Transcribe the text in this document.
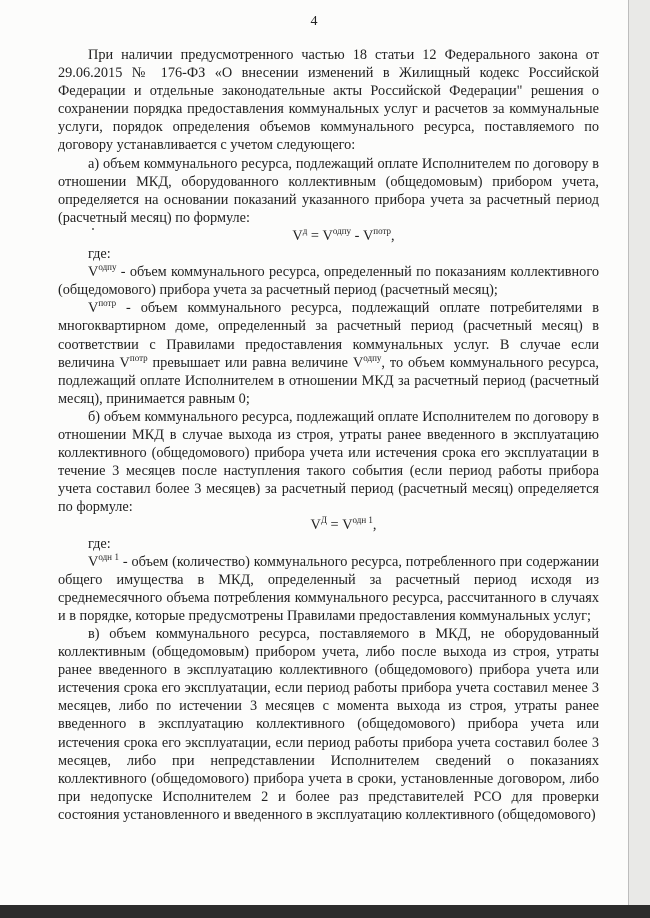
4

При наличии предусмотренного частью 18 статьи 12 Федерального закона от 29.06.2015 № 176-ФЗ «О внесении изменений в Жилищный кодекс Российской Федерации и отдельные законодательные акты Российской Федерации" решения о сохранении порядка предоставления коммунальных услуг и расчетов за коммунальные услуги, порядок определения объемов коммунального ресурса, поставляемого по договору устанавливается с учетом следующего:

а) объем коммунального ресурса, подлежащий оплате Исполнителем по договору в отношении МКД, оборудованного коллективным (общедомовым) прибором учета, определяется на основании показаний указанного прибора учета за расчетный период (расчетный месяц) по формуле:

$V^д = V^{одпу} - V^{потр}$,

где:

$V^{одпу}$ - объем коммунального ресурса, определенный по показаниям коллективного (общедомового) прибора учета за расчетный период (расчетный месяц);

$V^{потр}$ - объем коммунального ресурса, подлежащий оплате потребителями в многоквартирном доме, определенный за расчетный период (расчетный месяц) в соответствии с Правилами предоставления коммунальных услуг. В случае если величина $V^{потр}$ превышает или равна величине $V^{одпу}$, то объем коммунального ресурса, подлежащий оплате Исполнителем в отношении МКД за расчетный период (расчетный месяц), принимается равным 0;

б) объем коммунального ресурса, подлежащий оплате Исполнителем по договору в отношении МКД в случае выхода из строя, утраты ранее введенного в эксплуатацию коллективного (общедомового) прибора учета или истечения срока его эксплуатации в течение 3 месяцев после наступления такого события (если период работы прибора учета составил более 3 месяцев) за расчетный период (расчетный месяц) определяется по формуле:

$V^Д = V^{одн 1}$,

где:

$V^{одн 1}$ - объем (количество) коммунального ресурса, потребленного при содержании общего имущества в МКД, определенный за расчетный период исходя из среднемесячного объема потребления коммунального ресурса, рассчитанного в случаях и в порядке, которые предусмотрены Правилами предоставления коммунальных услуг;

в) объем коммунального ресурса, поставляемого в МКД, не оборудованный коллективным (общедомовым) прибором учета, либо после выхода из строя, утраты ранее введенного в эксплуатацию коллективного (общедомового) прибора учета или истечения срока его эксплуатации, если период работы прибора учета составил менее 3 месяцев, либо по истечении 3 месяцев с момента выхода из строя, утраты ранее введенного в эксплуатацию коллективного (общедомового) прибора учета или истечения срока его эксплуатации, если период работы прибора учета составил более 3 месяцев, либо при непредставлении Исполнителем сведений о показаниях коллективного (общедомового) прибора учета в сроки, установленные договором, либо при недопуске Исполнителем 2 и более раз представителей РСО для проверки состояния установленного и введенного в эксплуатацию коллективного (общедомового)
